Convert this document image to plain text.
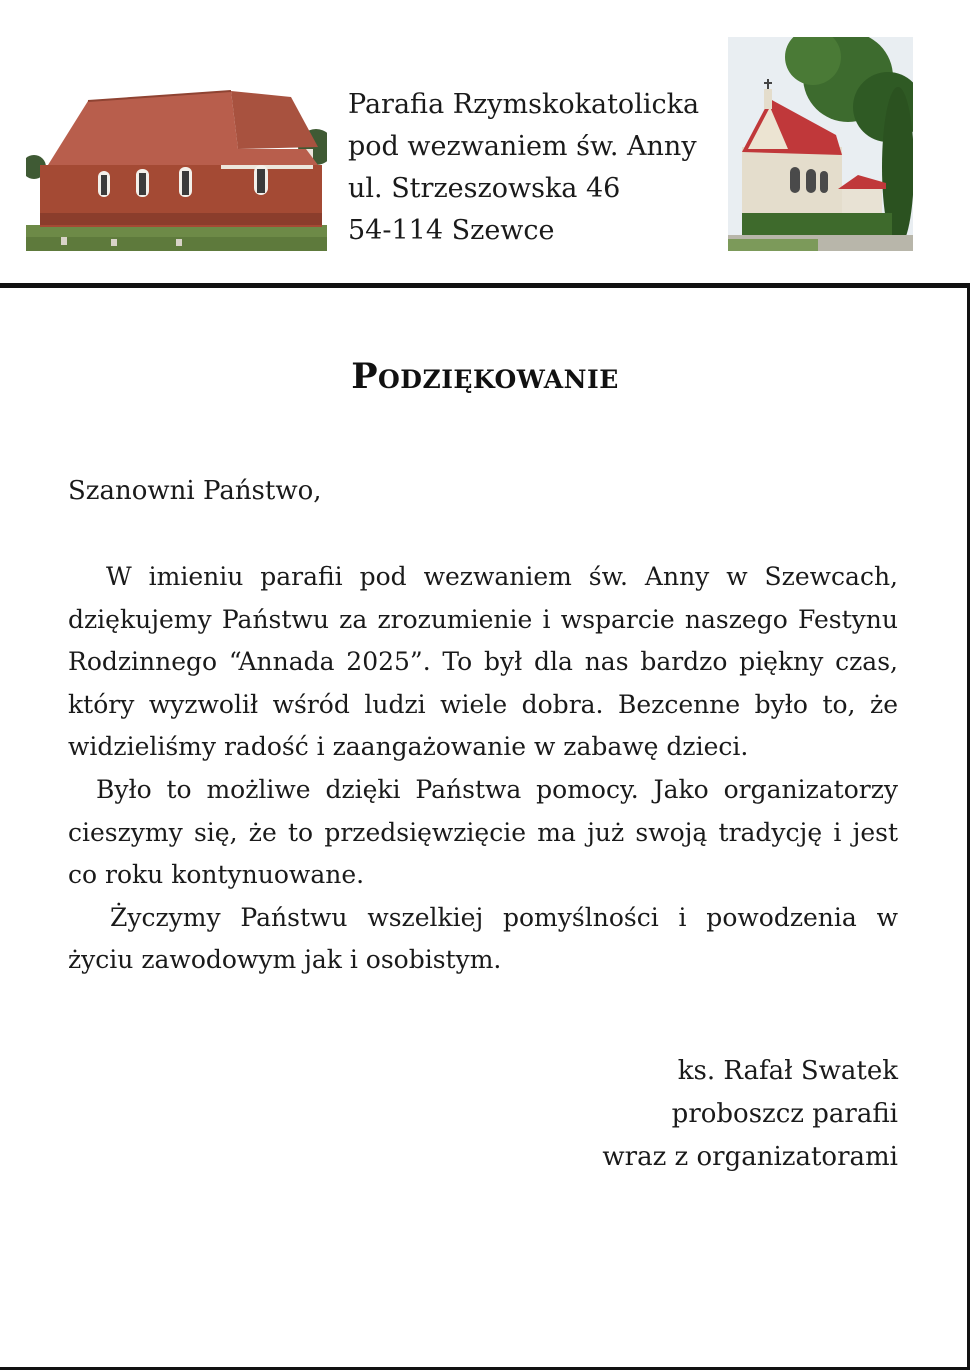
Parafia Rzymskokatolicka
pod wezwaniem św. Anny
ul. Strzeszowska 46
54-114 Szewce
Podziękowanie
Szanowni Państwo,

W imieniu parafii pod wezwaniem św. Anny w Szewcach, dziękujemy Państwu za zrozumienie i wsparcie naszego Festynu Rodzinnego “Annada 2025”. To był dla nas bardzo piękny czas, który wyzwolił wśród ludzi wiele dobra. Bezcenne było to, że widzieliśmy radość i zaangażowanie w zabawę dzieci.

Było to możliwe dzięki Państwa pomocy. Jako organizatorzy cieszymy się, że to przedsięwzięcie ma już swoją tradycję i jest co roku kontynuowane.

Życzymy Państwu wszelkiej pomyślności i powodzenia w życiu zawodowym jak i osobistym.

ks. Rafał Swatek
proboszcz parafii
wraz z organizatorami
